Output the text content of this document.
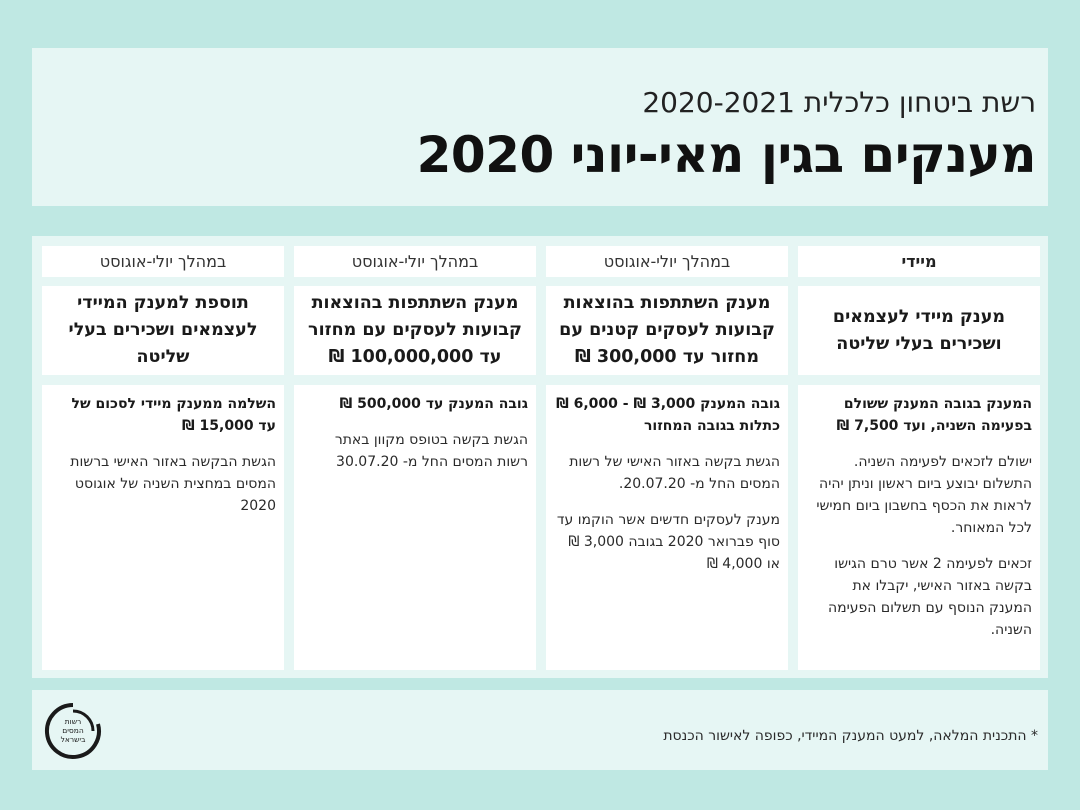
רשת ביטחון כלכלית 2020-2021
מענקים בגין מאי-יוני 2020
מיידי
מענק מיידי לעצמאים ושכירים בעלי שליטה

המענק בגובה המענק ששולם בפעימה השניה, ועד 7,500 ₪

ישולם לזכאים לפעימה השניה. התשלום יבוצע ביום ראשון וניתן יהיה לראות את הכסף בחשבון ביום חמישי לכל המאוחר.

זכאים לפעימה 2 אשר טרם הגישו בקשה באזור האישי, יקבלו את המענק הנוסף עם תשלום הפעימה השניה.

במהלך יולי-אוגוסט
מענק השתתפות בהוצאות קבועות לעסקים קטנים עם מחזור עד 300,000 ₪

גובה המענק 3,000 ₪ - 6,000 ₪ כתלות בגובה המחזור

הגשת בקשה באזור האישי של רשות המסים החל מ- 20.07.20.

מענק לעסקים חדשים אשר הוקמו עד סוף פברואר 2020 בגובה 3,000 ₪ או 4,000 ₪

במהלך יולי-אוגוסט
מענק השתתפות בהוצאות קבועות לעסקים עם מחזור עד 100,000,000 ₪

גובה המענק עד 500,000 ₪

הגשת בקשה בטופס מקוון באתר רשות המסים החל מ- 30.07.20

במהלך יולי-אוגוסט
תוספת למענק המיידי לעצמאים ושכירים בעלי שליטה

השלמה ממענק מיידי לסכום של עד 15,000 ₪

הגשת הבקשה באזור האישי ברשות המסים במחצית השניה של אוגוסט 2020

רשות
המסים
בישראל	* התכנית המלאה, למעט המענק המיידי, כפופה לאישור הכנסת
